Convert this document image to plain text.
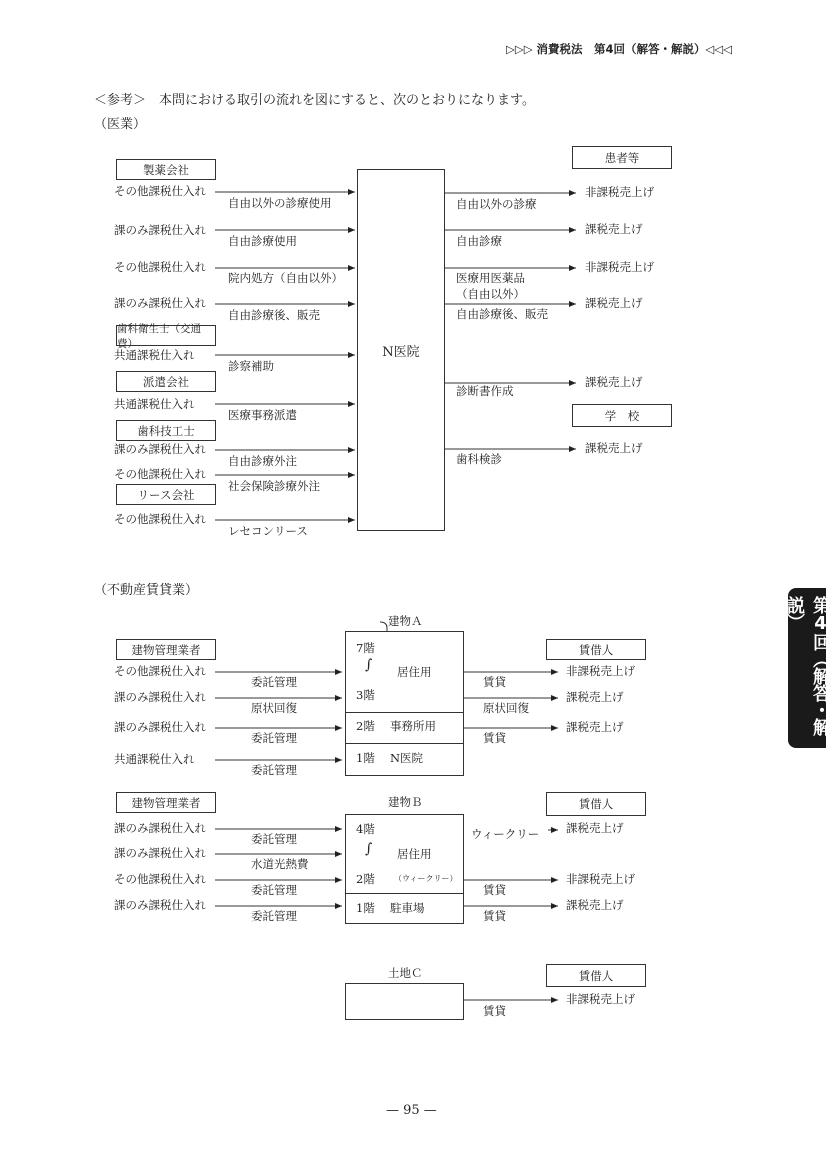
▷▷▷ 消費税法　第4回（解答・解説）◁◁◁
＜参考＞　本問における取引の流れを図にすると、次のとおりになります。
（医業）
製薬会社
歯科衛生士（交通費）
派遣会社
歯科技工士
リース会社
その他課税仕入れ
課のみ課税仕入れ
その他課税仕入れ
課のみ課税仕入れ
共通課税仕入れ
共通課税仕入れ
課のみ課税仕入れ
その他課税仕入れ
その他課税仕入れ
自由以外の診療使用
自由診療使用
院内処方（自由以外）
自由診療後、販売
診察補助
医療事務派遣
自由診療外注
社会保険診療外注
レセコンリース
N医院
患者等
学　校
自由以外の診療
自由診療
医療用医薬品
（自由以外）
自由診療後、販売
診断書作成
歯科検診
非課税売上げ
課税売上げ
非課税売上げ
課税売上げ
課税売上げ
課税売上げ
（不動産賃貸業）
建物Ａ
建物管理業者	賃借人
7階
∫
3階
居住用
2階　 事務所用
1階　 N医院
その他課税仕入れ
課のみ課税仕入れ
課のみ課税仕入れ
共通課税仕入れ
委託管理
原状回復
委託管理
委託管理
賃貸
原状回復
賃貸
非課税売上げ
課税売上げ
課税売上げ
建物Ｂ
建物管理業者	賃借人
4階
∫
2階
居住用
（ウィークリー）
1階　 駐車場
課のみ課税仕入れ
課のみ課税仕入れ
その他課税仕入れ
課のみ課税仕入れ
委託管理
水道光熱費
委託管理
委託管理
ウィークリー
賃貸
賃貸
課税売上げ
非課税売上げ
課税売上げ
土地Ｃ	賃借人
賃貸
非課税売上げ
— 95 —
第4回（解答・解説）
